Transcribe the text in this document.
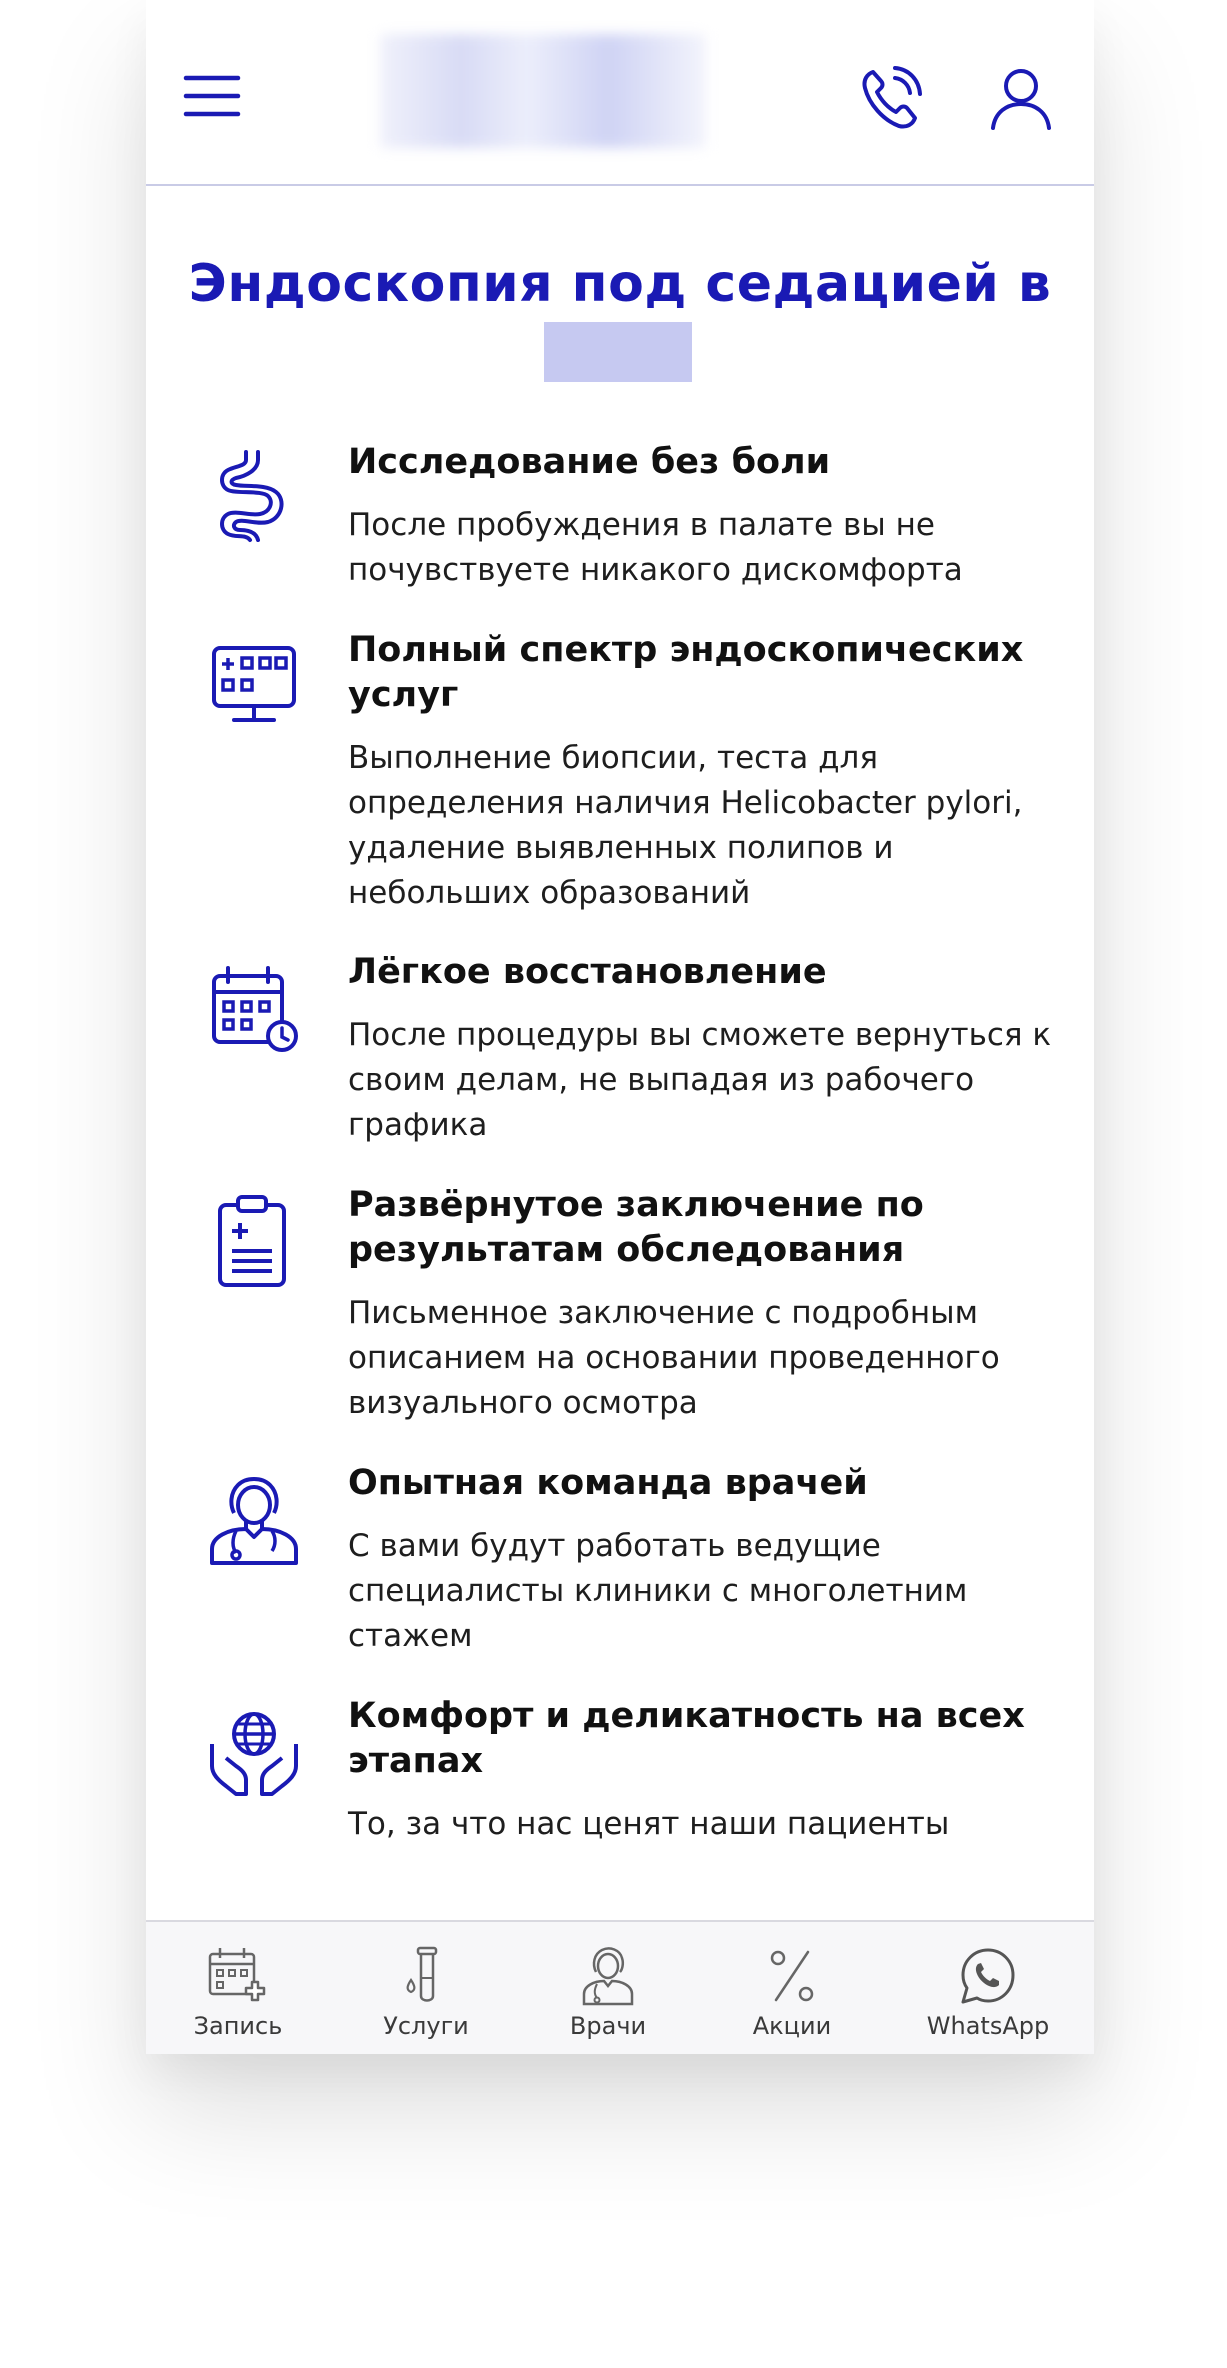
Эндоскопия под седацией в
Исследование без боли
После пробуждения в палате вы не почувствуете никакого дискомфорта
Полный спектр эндоскопических услуг
Выполнение биопсии, теста для определения наличия Helicobacter pylori, удаление выявленных полипов и небольших образований
Лёгкое восстановление
После процедуры вы сможете вернуться к своим делам, не выпадая из рабочего графика
Развёрнутое заключение по результатам обследования
Письменное заключение с подробным описанием на основании проведенного визуального осмотра
Опытная команда врачей
С вами будут работать ведущие специалисты клиники с многолетним стажем
Комфорт и деликатность на всех этапах
То, за что нас ценят наши пациенты
Запись	Услуги	Врачи	Акции	WhatsApp
